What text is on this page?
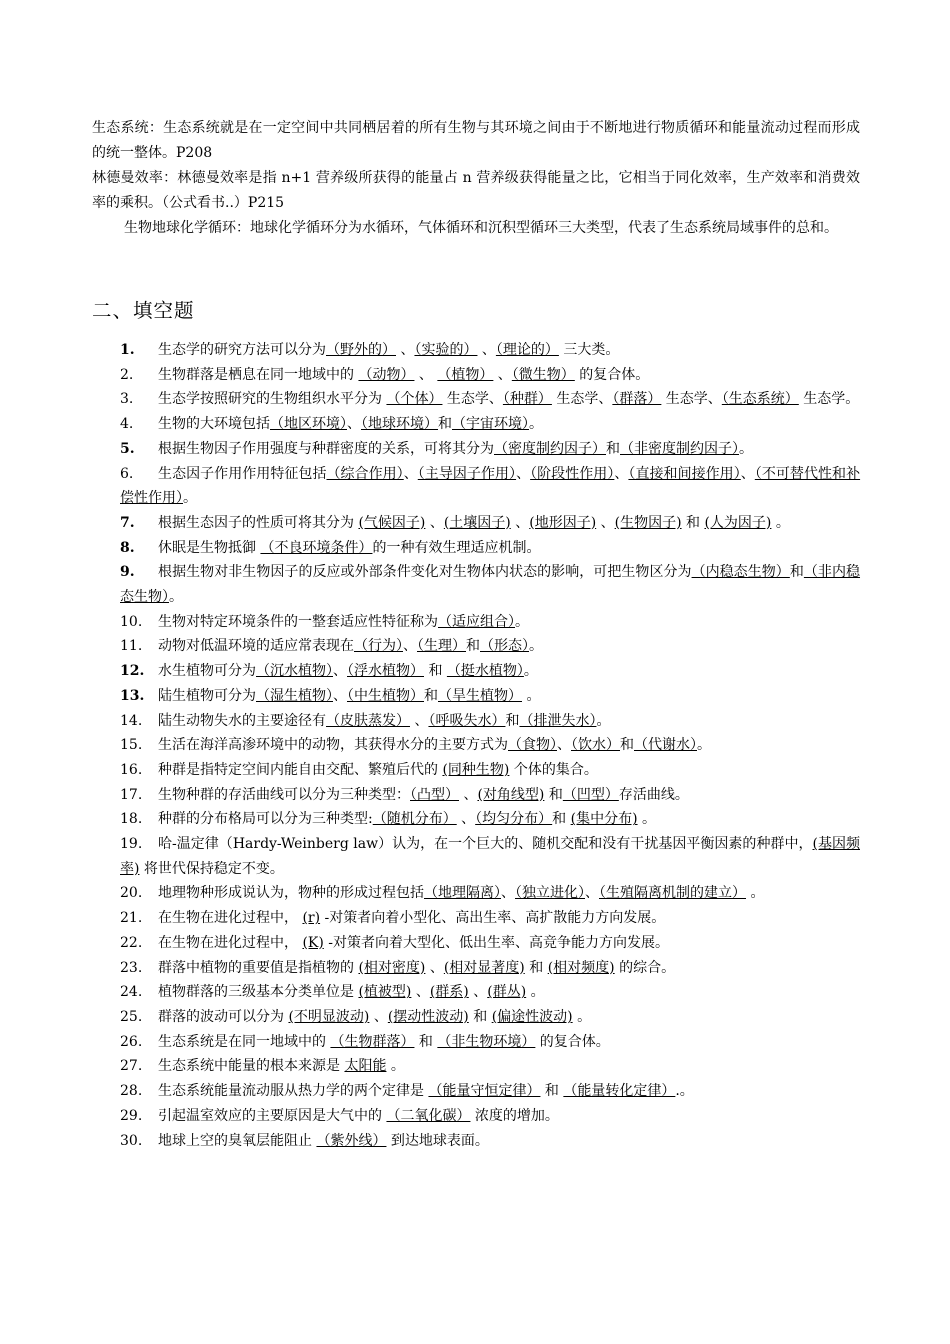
生态系统：生态系统就是在一定空间中共同栖居着的所有生物与其环境之间由于不断地进行物质循环和能量流动过程而形成的统一整体。P208

林德曼效率：林德曼效率是指 n+1 营养级所获得的能量占 n 营养级获得能量之比，它相当于同化效率，生产效率和消费效率的乘积。（公式看书..）P215

生物地球化学循环：地球化学循环分为水循环，气体循环和沉积型循环三大类型，代表了生态系统局域事件的总和。

二、填空题

1. 生态学的研究方法可以分为（野外的） 、（实验的） 、（理论的） 三大类。

2. 生物群落是栖息在同一地域中的 （动物） 、 （植物） 、（微生物） 的复合体。

3. 生态学按照研究的生物组织水平分为 （个体） 生态学、（种群） 生态学、（群落） 生态学、（生态系统） 生态学。

4. 生物的大环境包括（地区环境）、（地球环境）和（宇宙环境）。

5. 根据生物因子作用强度与种群密度的关系，可将其分为（密度制约因子）和（非密度制约因子）。

6. 生态因子作用作用特征包括（综合作用）、（主导因子作用）、（阶段性作用）、（直接和间接作用）、（不可替代性和补偿性作用）。

7. 根据生态因子的性质可将其分为 (气候因子) 、(土壤因子) 、(地形因子) 、(生物因子) 和 (人为因子) 。

8. 休眠是生物抵御 （不良环境条件）的一种有效生理适应机制。

9. 根据生物对非生物因子的反应或外部条件变化对生物体内状态的影响，可把生物区分为（内稳态生物）和（非内稳态生物）。

10. 生物对特定环境条件的一整套适应性特征称为（适应组合）。

11. 动物对低温环境的适应常表现在（行为）、（生理）和（形态）。

12. 水生植物可分为（沉水植物）、（浮水植物） 和 （挺水植物）。

13. 陆生植物可分为（湿生植物）、（中生植物）和（旱生植物） 。

14. 陆生动物失水的主要途径有（皮肤蒸发） 、（呼吸失水）和（排泄失水）。

15. 生活在海洋高渗环境中的动物，其获得水分的主要方式为（食物）、（饮水）和（代谢水）。

16. 种群是指特定空间内能自由交配、繁殖后代的 (同种生物) 个体的集合。

17. 生物种群的存活曲线可以分为三种类型：（凸型） 、(对角线型) 和（凹型）存活曲线。

18. 种群的分布格局可以分为三种类型:（随机分布） 、（均匀分布）和 (集中分布) 。

19. 哈-温定律（Hardy-Weinberg law）认为，在一个巨大的、随机交配和没有干扰基因平衡因素的种群中，(基因频率) 将世代保持稳定不变。

20. 地理物种形成说认为，物种的形成过程包括（地理隔离）、（独立进化）、（生殖隔离机制的建立） 。

21. 在生物在进化过程中， (r) -对策者向着小型化、高出生率、高扩散能力方向发展。

22. 在生物在进化过程中， (K) -对策者向着大型化、低出生率、高竞争能力方向发展。

23. 群落中植物的重要值是指植物的 (相对密度) 、(相对显著度) 和 (相对频度) 的综合。

24. 植物群落的三级基本分类单位是 (植被型) 、(群系) 、(群丛) 。

25. 群落的波动可以分为 (不明显波动) 、(摆动性波动) 和 (偏途性波动) 。

26. 生态系统是在同一地域中的 （生物群落） 和 （非生物环境） 的复合体。

27. 生态系统中能量的根本来源是 太阳能 。

28. 生态系统能量流动服从热力学的两个定律是 （能量守恒定律） 和 （能量转化定律）.。

29. 引起温室效应的主要原因是大气中的 （二氧化碳） 浓度的增加。

30. 地球上空的臭氧层能阻止 （紫外线） 到达地球表面。
